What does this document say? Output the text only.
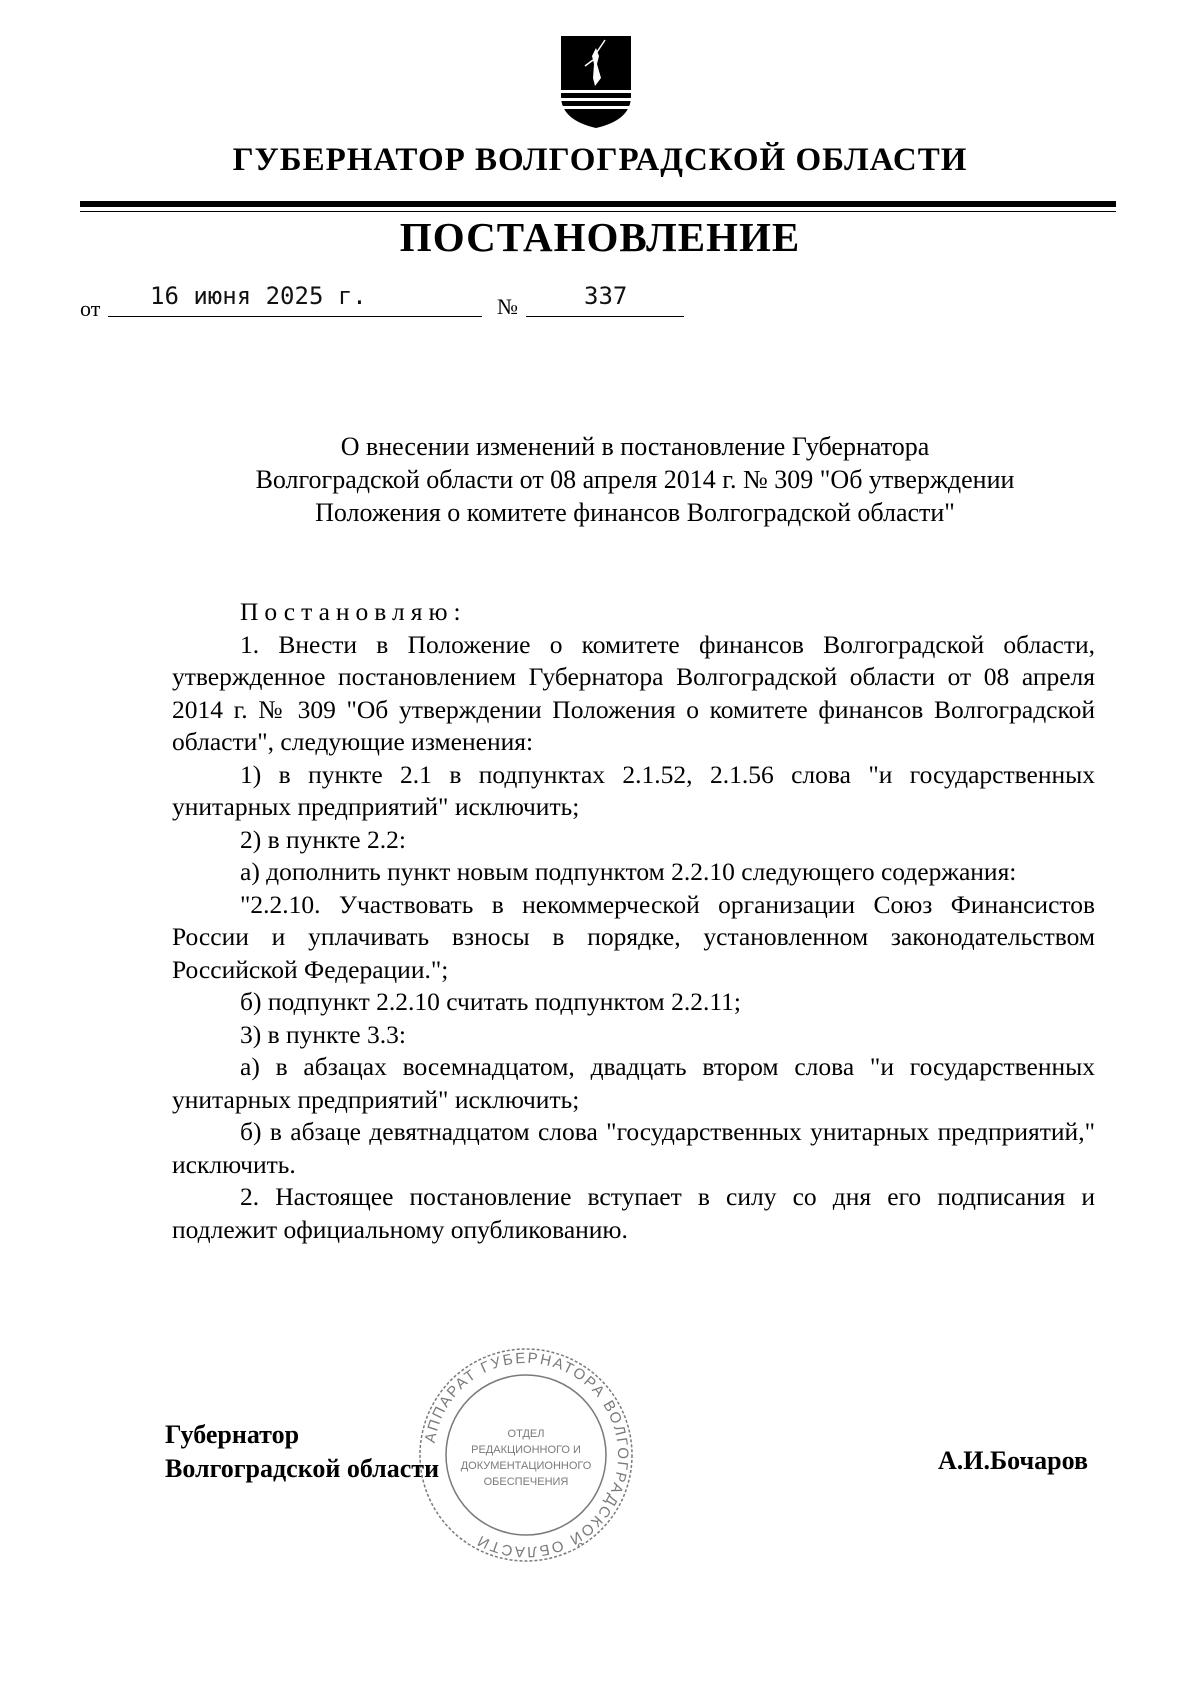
ГУБЕРНАТОР ВОЛГОГРАДСКОЙ ОБЛАСТИ
ПОСТАНОВЛЕНИЕ
от 16 июня 2025 г.	№	337
О внесении изменений в постановление Губернатора
Волгоградской области от 08 апреля 2014 г. № 309 "Об утверждении
Положения о комитете финансов Волгоградской области"

Постановляю:

1. Внести в Положение о комитете финансов Волгоградской области, утвержденное постановлением Губернатора Волгоградской области от 08 апреля 2014 г. № 309 "Об утверждении Положения о комитете финансов Волгоградской области", следующие изменения:

1) в пункте 2.1 в подпунктах 2.1.52, 2.1.56 слова "и государственных унитарных предприятий" исключить;

2) в пункте 2.2:

а) дополнить пункт новым подпунктом 2.2.10 следующего содержания:

"2.2.10. Участвовать в некоммерческой организации Союз Финансистов России и уплачивать взносы в порядке, установленном законодательством Российской Федерации.";

б) подпункт 2.2.10 считать подпунктом 2.2.11;

3) в пункте 3.3:

а) в абзацах восемнадцатом, двадцать втором слова "и государственных унитарных предприятий" исключить;

б) в абзаце девятнадцатом слова "государственных унитарных предприятий," исключить.

2. Настоящее постановление вступает в силу со дня его подписания и подлежит официальному опубликованию.

АППАРАТ ГУБЕРНАТОРА ВОЛГОГРАДСКОЙ ОБЛАСТИ
ОТДЕЛ
РЕДАКЦИОННОГО И
ДОКУМЕНТАЦИОННОГО
ОБЕСПЕЧЕНИЯ
Губернатор
Волгоградской области	А.И.Бочаров
